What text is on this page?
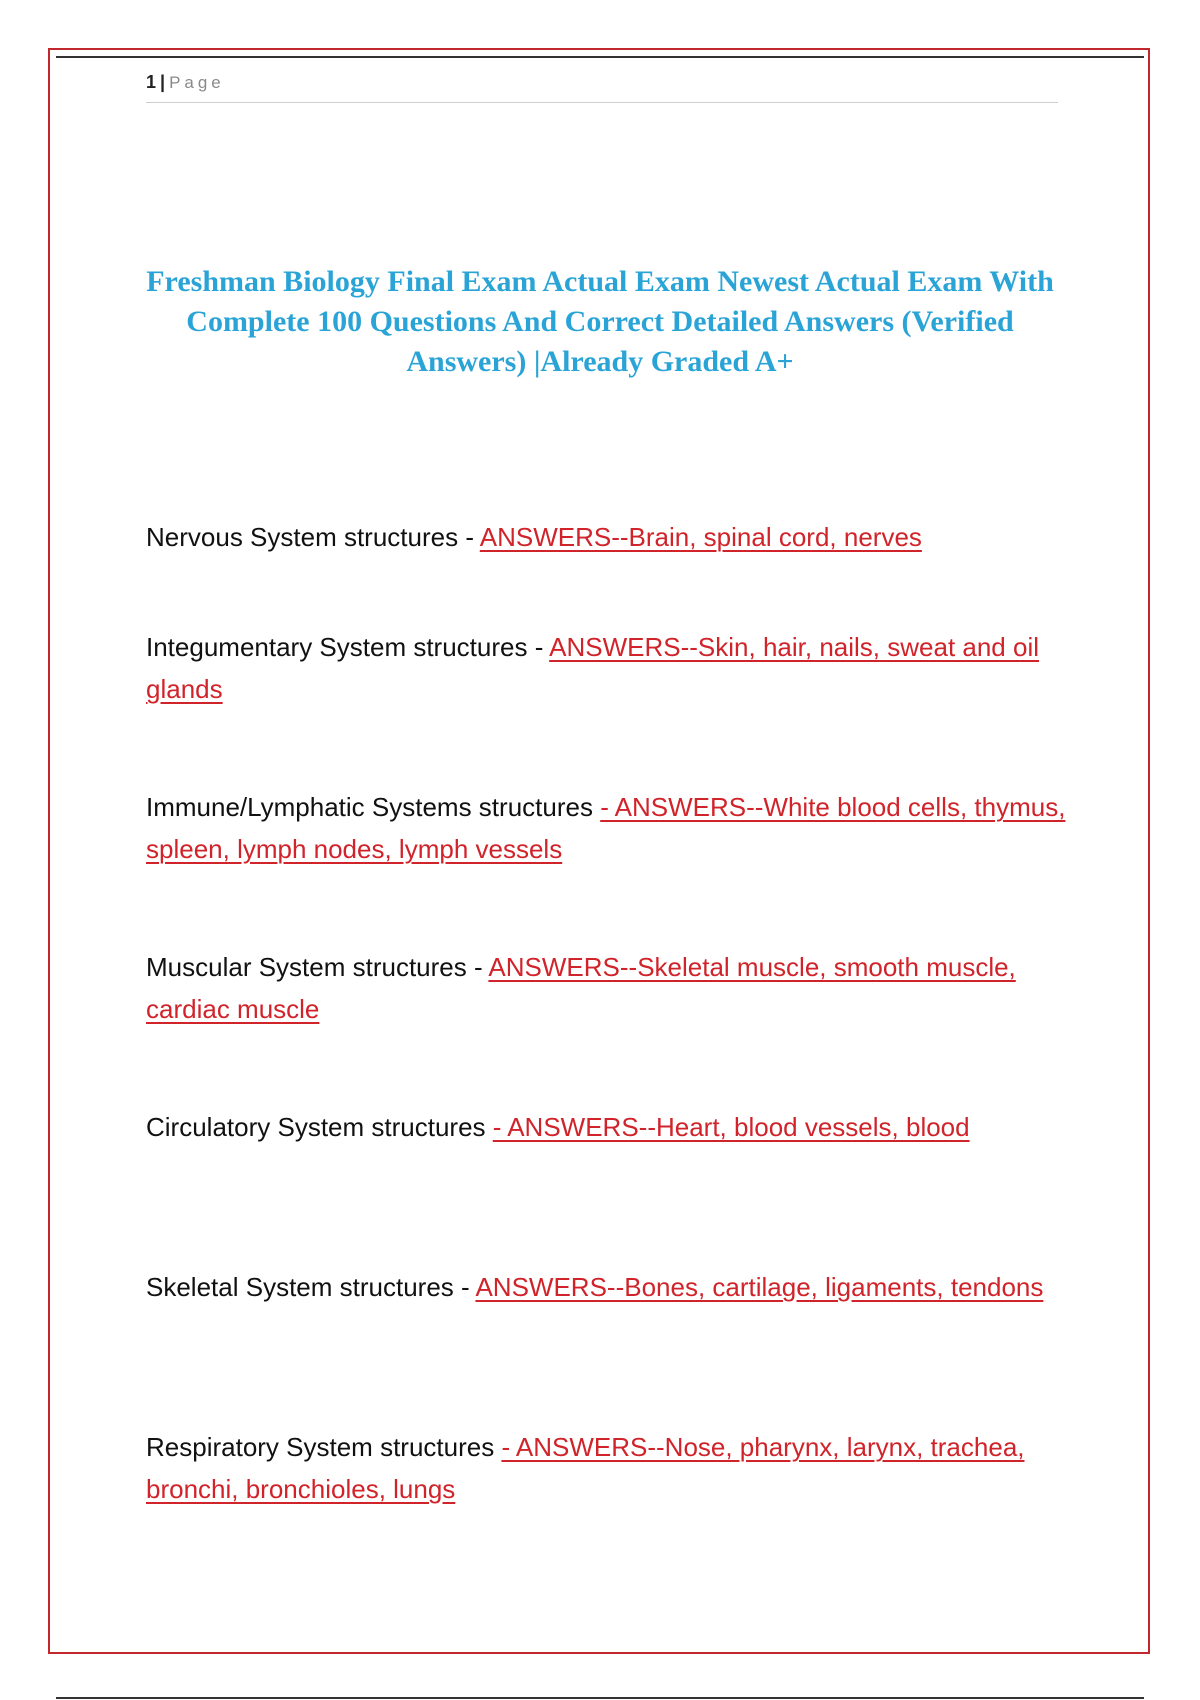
1 | Page
Freshman Biology Final Exam Actual Exam Newest Actual Exam With Complete 100 Questions And Correct Detailed Answers (Verified Answers) |Already Graded A+

Nervous System structures - ANSWERS--Brain, spinal cord, nerves

Integumentary System structures - ANSWERS--Skin, hair, nails, sweat and oil glands

Immune/Lymphatic Systems structures - ANSWERS--White blood cells, thymus, spleen, lymph nodes, lymph vessels

Muscular System structures - ANSWERS--Skeletal muscle, smooth muscle, cardiac muscle

Circulatory System structures - ANSWERS--Heart, blood vessels, blood

Skeletal System structures - ANSWERS--Bones, cartilage, ligaments, tendons

Respiratory System structures - ANSWERS--Nose, pharynx, larynx, trachea, bronchi, bronchioles, lungs
